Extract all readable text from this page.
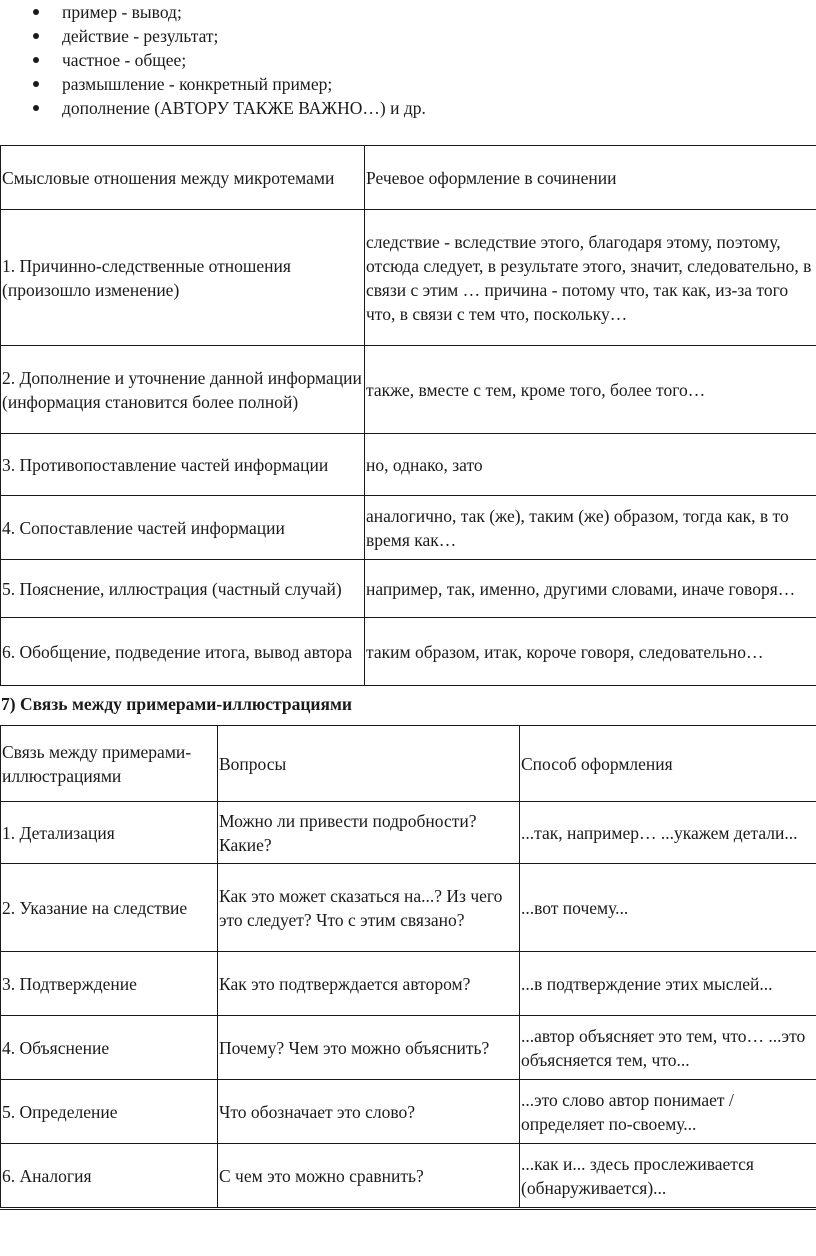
пример - вывод;
действие - результат;
частное - общее;
размышление - конкретный пример;
дополнение (АВТОРУ ТАКЖЕ ВАЖНО…) и др.
Смысловые отношения между микротемами	Речевое оформление в сочинении
1. Причинно-следственные отношения (произошло изменение)	следствие - вследствие этого, благодаря этому, поэтому, отсюда следует, в результате этого, значит, следовательно, в связи с этим … причина - потому что, так как, из-за того что, в связи с тем что, поскольку…
2. Дополнение и уточнение данной информации (информация становится более полной)	также, вместе с тем, кроме того, более того…
3. Противопоставление частей информации	но, однако, зато
4. Сопоставление частей информации	аналогично, так (же), таким (же) образом, тогда как, в то время как…
5. Пояснение, иллюстрация (частный случай)	например, так, именно, другими словами, иначе говоря…
6. Обобщение, подведение итога, вывод автора	таким образом, итак, короче говоря, следовательно…
7) Связь между примерами-иллюстрациями
Связь между примерами-иллюстрациями	Вопросы	Способ оформления
1. Детализация	Можно ли привести подробности? Какие?	...так, например… ...укажем детали...
2. Указание на следствие	Как это может сказаться на...? Из чего это следует? Что с этим связано?	...вот почему...
3. Подтверждение	Как это подтверждается автором?	...в подтверждение этих мыслей...
4. Объяснение	Почему? Чем это можно объяснить?	...автор объясняет это тем, что… ...это объясняется тем, что...
5. Определение	Что обозначает это слово?	...это слово автор понимает / определяет по-своему...
6. Аналогия	С чем это можно сравнить?	...как и... здесь прослеживается (обнаруживается)...
